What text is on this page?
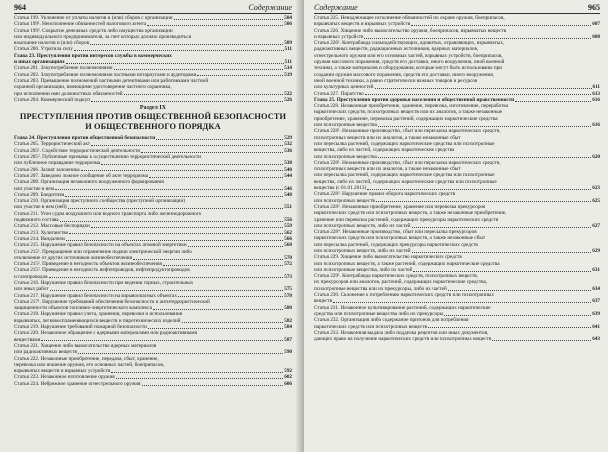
964	Содержание
Статья 199. Уклонение от уплаты налогов и (или) сборов с организации	504
Статья 199¹. Неисполнение обязанностей налогового агента	506
Статья 199². Сокрытие денежных средств либо имущества организации
или индивидуального предпринимателя, за счет которых должно производиться
взыскание налогов и (или) сборов	509
Статья 200. Утратила силу	511
Глава 23. Преступления против интересов службы в коммерческих
и иных организациях	511
Статья 201. Злоупотребление полномочиями	514
Статья 202. Злоупотребление полномочиями частными нотариусами и аудиторами	519
Статья 203. Превышение полномочий частными детективами или работниками частной
охранной организации, имеющими удостоверение частного охранника,
при исполнении ими должностных обязанностей	522
Статья 204. Коммерческий подкуп	526
Раздел IX
ПРЕСТУПЛЕНИЯ ПРОТИВ ОБЩЕСТВЕННОЙ БЕЗОПАСНОСТИ
И ОБЩЕСТВЕННОГО ПОРЯДКА
Глава 24. Преступления против общественной безопасности	529
Статья 205. Террористический акт	532
Статья 205¹. Содействие террористической деятельности	536
Статья 205². Публичные призывы к осуществлению террористической деятельности
или публичное оправдание терроризма	538
Статья 206. Захват заложника	540
Статья 207. Заведомо ложное сообщение об акте терроризма	544
Статья 208. Организация незаконного вооруженного формирования
или участие в нем	546
Статья 209. Бандитизм	548
Статья 210. Организация преступного сообщества (преступной организации)
или участие в нем (ней)	551
Статья 211. Угон судна воздушного или водного транспорта либо железнодорожного
подвижного состава	556
Статья 212. Массовые беспорядки	559
Статья 213. Хулиганство	562
Статья 214. Вандализм	566
Статья 215. Нарушение правил безопасности на объектах атомной энергетики	568
Статья 215¹. Прекращение или ограничение подачи электрической энергии либо
отключение от других источников жизнеобеспечения	570
Статья 215². Приведение в негодность объектов жизнеобеспечения	572
Статья 215³. Приведение в негодность нефтепроводов, нефтепродуктопроводов
и газопроводов	573
Статья 216. Нарушение правил безопасности при ведении горных, строительных
или иных работ	575
Статья 217. Нарушение правил безопасности на взрывоопасных объектах	578
Статья 217¹. Нарушение требований обеспечения безопасности и антитеррористической
защищенности объектов топливно-энергетического комплекса	580
Статья 218. Нарушение правил учета, хранения, перевозки и использования
взрывчатых, легковоспламеняющихся веществ и пиротехнических изделий	582
Статья 219. Нарушение требований пожарной безопасности	584
Статья 220. Незаконное обращение с ядерными материалами или радиоактивными
веществами	587
Статья 221. Хищение либо вымогательство ядерных материалов
или радиоактивных веществ	590
Статья 222. Незаконные приобретение, передача, сбыт, хранение,
перевозка или ношение оружия, его основных частей, боеприпасов,
взрывчатых веществ и взрывных устройств	592
Статья 223. Незаконное изготовление оружия	602
Статья 224. Небрежное хранение огнестрельного оружия	606
Содержание	965
Статья 225. Ненадлежащее исполнение обязанностей по охране оружия, боеприпасов,
взрывчатых веществ и взрывных устройств	607
Статья 226. Хищение либо вымогательство оружия, боеприпасов, взрывчатых веществ
и взрывных устройств	608
Статья 226¹. Контрабанда сильнодействующих, ядовитых, отравляющих, взрывчатых,
радиоактивных веществ, радиационных источников, ядерных материалов,
огнестрельного оружия или его основных частей, взрывных устройств, боеприпасов,
оружия массового поражения, средств его доставки, иного вооружения, иной военной
техники, а также материалов и оборудования, которые могут быть использованы при
создании оружия массового поражения, средств его доставки, иного вооружения,
иной военной техники, а равно стратегически важных товаров и ресурсов
или культурных ценностей	611
Статья 227. Пиратство	613
Глава 25. Преступления против здоровья населения и общественной нравственности	616
Статья 228. Незаконные приобретение, хранение, перевозка, изготовление, переработка
наркотических средств, психотропных веществ или их аналогов, а также незаконные
приобретение, хранение, перевозка растений, содержащих наркотические средства
или психотропные вещества	616
Статья 228¹. Незаконные производство, сбыт или пересылка наркотических средств,
психотропных веществ или их аналогов, а также незаконные сбыт
или пересылка растений, содержащих наркотические средства или психотропные
вещества, либо их частей, содержащих наркотические средства
или психотропные вещества	620
Статья 228¹. Незаконные производство, сбыт или пересылка наркотических средств,
психотропных веществ или их аналогов, а также незаконные сбыт
или пересылка растений, содержащих наркотические средства или психотропные
вещества, либо их частей, содержащих наркотические средства или психотропные
вещества (с 01.01.2013)	623
Статья 228². Нарушение правил оборота наркотических средств
или психотропных веществ	625
Статья 228³. Незаконные приобретение, хранение или перевозка прекурсоров
наркотических средств или психотропных веществ, а также незаконные приобретение,
хранение или перевозка растений, содержащих прекурсоры наркотических средств
или психотропных веществ, либо их частей	627
Статья 228⁴. Незаконные производство, сбыт или пересылка прекурсоров
наркотических средств или психотропных веществ, а также незаконные сбыт
или пересылка растений, содержащих прекурсоры наркотических средств
или психотропных веществ, либо их частей	629
Статья 229. Хищение либо вымогательство наркотических средств
или психотропных веществ, а также растений, содержащих наркотические средства
или психотропные вещества, либо их частей	631
Статья 229¹. Контрабанда наркотических средств, психотропных веществ,
их прекурсоров или аналогов, растений, содержащих наркотические средства,
психотропные вещества или их прекурсоры, либо их частей	634
Статья 230. Склонение к потреблению наркотических средств или психотропных
веществ	637
Статья 231. Незаконное культивирование растений, содержащих наркотические
средства или психотропные вещества либо их прекурсоры	639
Статья 232. Организация либо содержание притонов для потребления
наркотических средств или психотропных веществ	641
Статья 233. Незаконная выдача либо подделка рецептов или иных документов,
дающих право на получение наркотических средств или психотропных веществ	643
